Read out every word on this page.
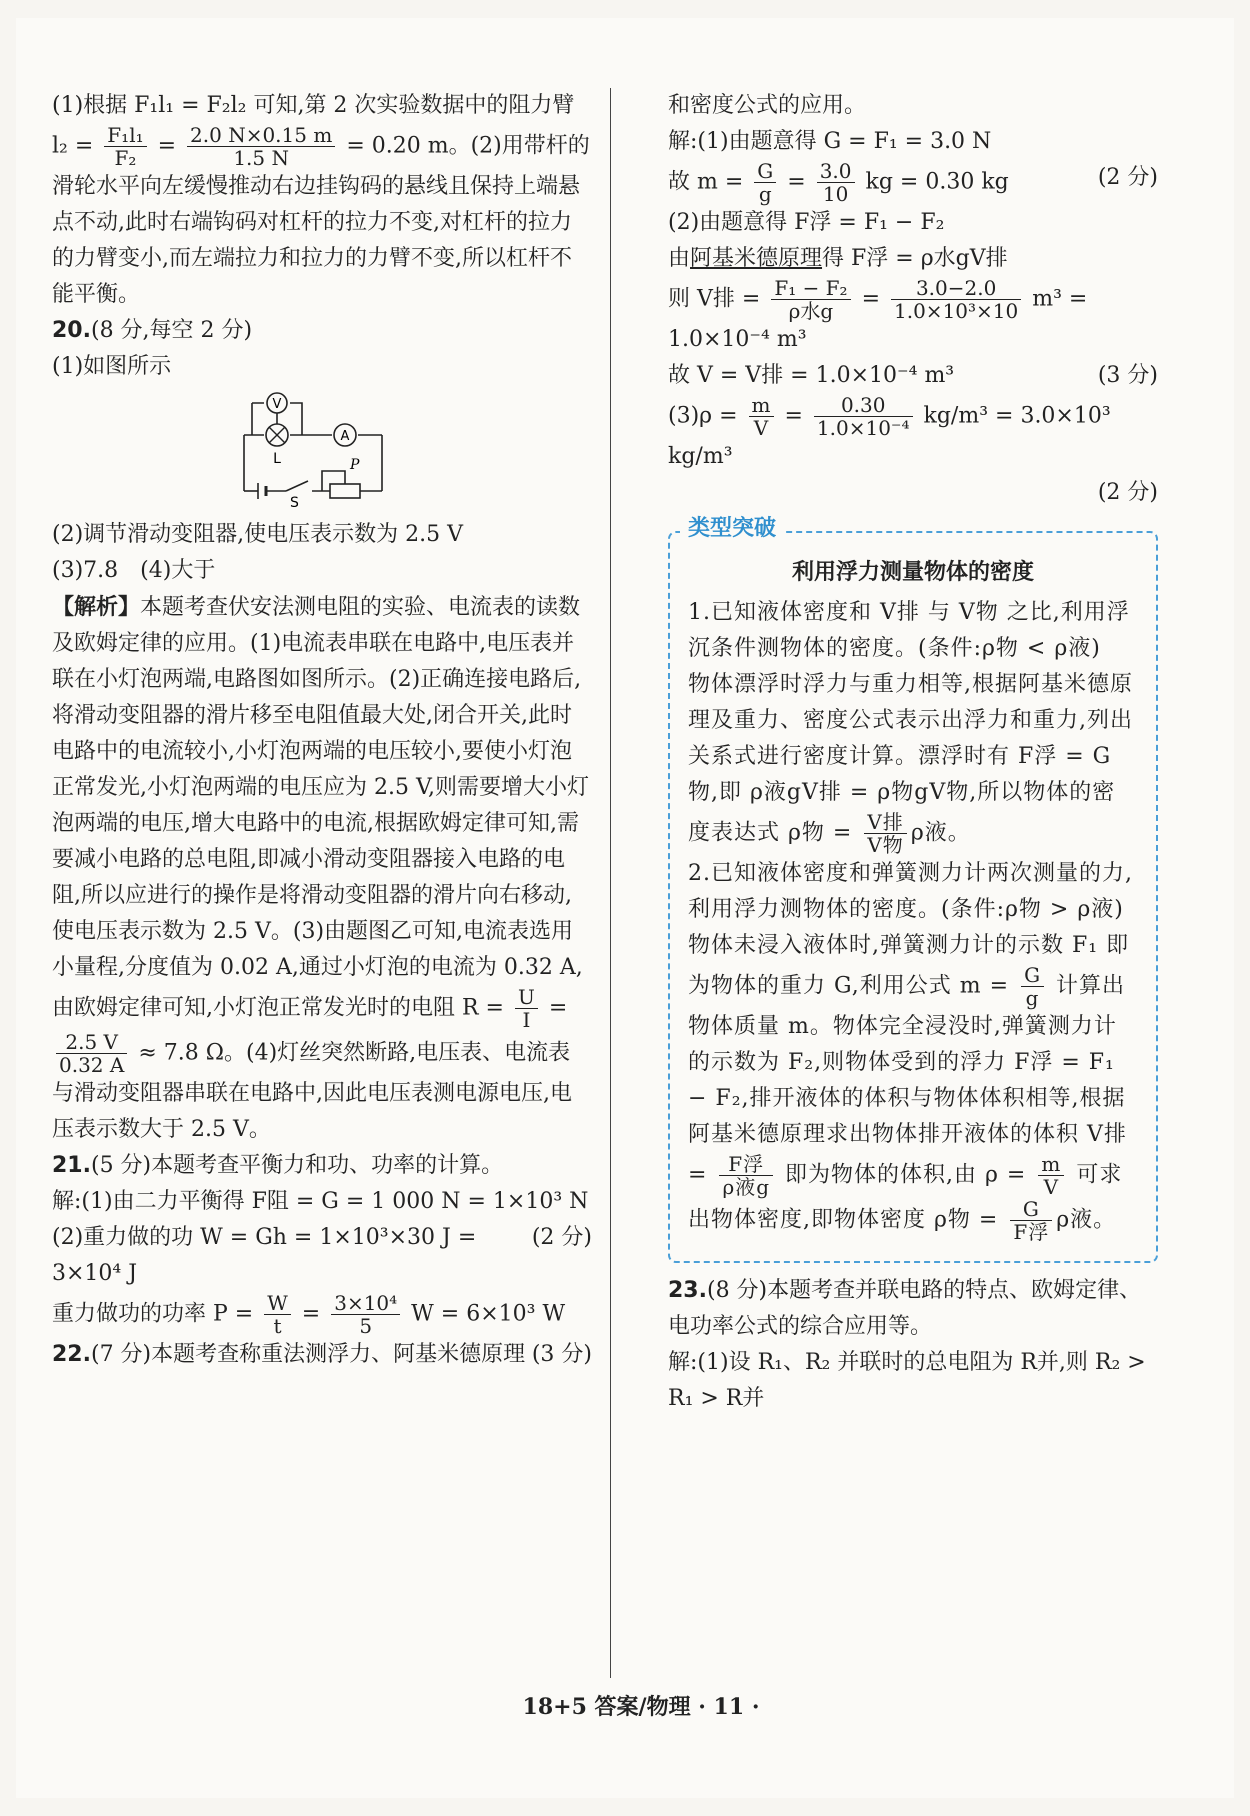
(1)根据 F₁l₁ = F₂l₂ 可知,第 2 次实验数据中的阻力臂 $l_2 = \frac{\text{F₁l₁}}{\text{F₂}} = \frac{2.0 N\times 0.15 m}{1.5 N} = 0.20$ m。(2)用带杆的滑轮水平向左缓慢推动右边挂钩码的悬线且保持上端悬点不动,此时右端钩码对杠杆的拉力不变,对杠杆的拉力的力臂变小,而左端拉力和拉力的力臂不变,所以杠杆不能平衡。

20.(8 分,每空 2 分)

(1)如图所示

V
L
A
S
P

(2)调节滑动变阻器,使电压表示数为 2.5 V

(3)7.8　(4)大于

【解析】本题考查伏安法测电阻的实验、电流表的读数及欧姆定律的应用。(1)电流表串联在电路中,电压表并联在小灯泡两端,电路图如图所示。(2)正确连接电路后,将滑动变阻器的滑片移至电阻值最大处,闭合开关,此时电路中的电流较小,小灯泡两端的电压较小,要使小灯泡正常发光,小灯泡两端的电压应为 2.5 V,则需要增大小灯泡两端的电压,增大电路中的电流,根据欧姆定律可知,需要减小电路的总电阻,即减小滑动变阻器接入电路的电阻,所以应进行的操作是将滑动变阻器的滑片向右移动,使电压表示数为 2.5 V。(3)由题图乙可知,电流表选用小量程,分度值为 0.02 A,通过小灯泡的电流为 0.32 A,由欧姆定律可知,小灯泡正常发光时的电阻 $R = \frac{U}{I}$ =
$\frac{2.5 V}{0.32 A} \approx 7.8$ Ω。(4)灯丝突然断路,电压表、电流表与滑动变阻器串联在电路中,因此电压表测电源电压,电压表示数大于 2.5 V。

21.(5 分)本题考查平衡力和功、功率的计算。

解:(1)由二力平衡得 F阻 = G = 1 000 N = 1×10³ N
(2 分)

(2)重力做的功 W = Gh = 1×10³×30 J = 3×10⁴ J

重力做功的功率 $P = \frac{W}{t} = \frac{\text{3×10⁴}}{5}$ W = 6×10³ W
(3 分)

22.(7 分)本题考查称重法测浮力、阿基米德原理

和密度公式的应用。

解:(1)由题意得 G = F₁ = 3.0 N

故 $m = \frac{G}{g} = \frac{3.0}{10}$ kg = 0.30 kg	(2 分)

(2)由题意得 F浮 = F₁ − F₂

由阿基米德原理得 F浮 = ρ水gV排

则 V排 = $\frac{\text{F₁ − F₂}}{\text{ρ水g}} = \frac{3.0-2.0}{\text{1.0×10³×10}} m^3 = 1.0\times 10^{-4}$ m³

故 V = V排 = 1.0×10⁻⁴ m³	(3 分)

$(3)\rho = \frac{m}{V} = \frac{0.30}{\text{1.0×10⁻⁴}} kg/m^3 = 3.0\times 10^3$ kg/m³

(2 分)

类型突破
利用浮力测量物体的密度

1.已知液体密度和 V排 与 V物 之比,利用浮沉条件测物体的密度。(条件:ρ物 < ρ液)

物体漂浮时浮力与重力相等,根据阿基米德原理及重力、密度公式表示出浮力和重力,列出关系式进行密度计算。漂浮时有 F浮 = G物,即 ρ液gV排 = ρ物gV物,所以物体的密度表达式 ρ物 = $\frac{\text{V排}}{\text{V物}}$ ρ液。

2.已知液体密度和弹簧测力计两次测量的力,利用浮力测物体的密度。(条件:ρ物 > ρ液)

物体未浸入液体时,弹簧测力计的示数 F₁ 即为物体的重力 G,利用公式 $m = \frac{G}{g}$ 计算出物体质量 m。物体完全浸没时,弹簧测力计的示数为 F₂,则物体受到的浮力 F浮 = F₁ − F₂,排开液体的体积与物体体积相等,根据阿基米德原理求出物体排开液体的体积 V排 = $\frac{\text{F浮}}{\text{ρ液g}}$ 即为物体的体积,由 $\rho = \frac{m}{V}$ 可求出物体密度,即物体密度 ρ物 = $\frac{G}{\text{F浮}}$ ρ液。

23.(8 分)本题考查并联电路的特点、欧姆定律、电功率公式的综合应用等。

解:(1)设 R₁、R₂ 并联时的总电阻为 R并,则 R₂ > R₁ > R并

18+5 答案/物理 · 11 ·
